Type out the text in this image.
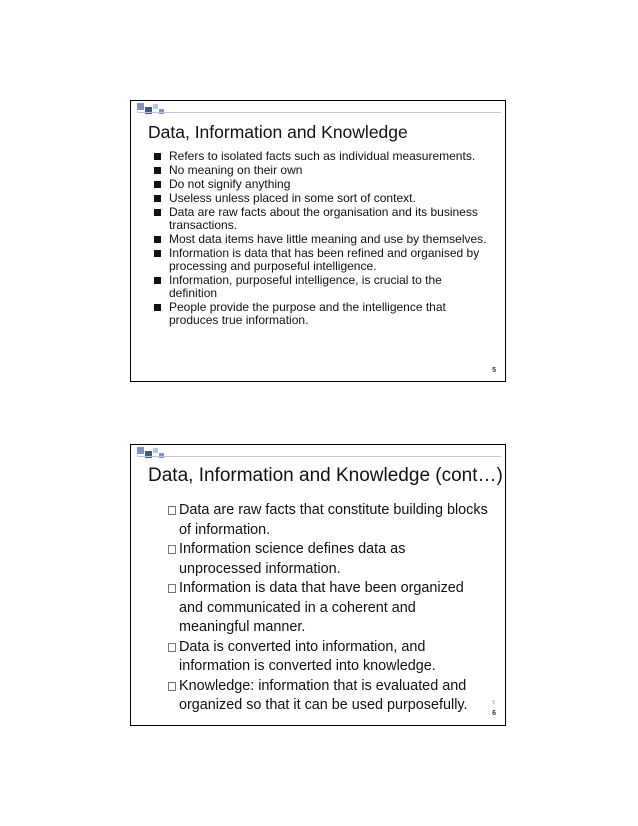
Data, Information and Knowledge
Refers to isolated facts such as individual measurements.
No meaning on their own
Do not signify anything
Useless unless placed in some sort of context.
Data are raw facts about the organisation and its business transactions.
Most data items have little meaning and use by themselves.
Information is data that has been refined and organised by processing and purposeful intelligence.
Information, purposeful intelligence, is crucial to the definition
People provide the purpose and the intelligence that produces true information.
5
Data, Information and Knowledge (cont…)
Data are raw facts that constitute building blocks of information.
Information science defines data as unprocessed information.
Information is data that have been organized and communicated in a coherent and meaningful manner.
Data is converted into information, and information is converted into knowledge.
Knowledge: information that is evaluated and organized so that it can be used purposefully.	6
6
